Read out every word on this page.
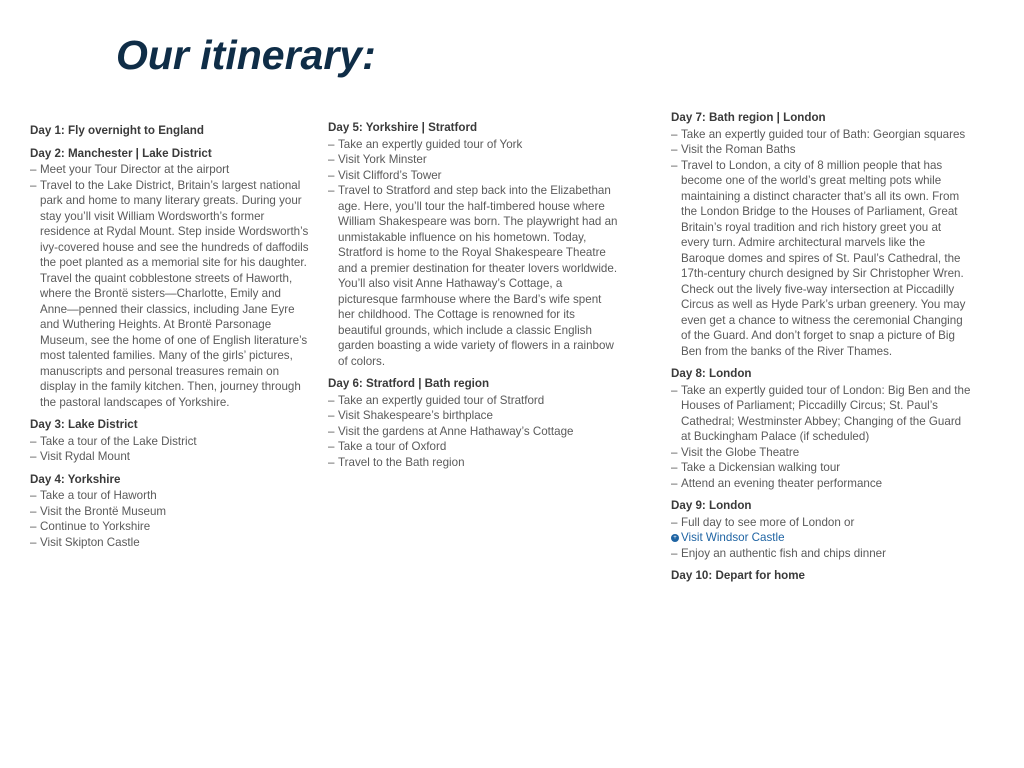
Our itinerary:
Day 1: Fly overnight to England
Day 2: Manchester | Lake District
– Meet your Tour Director at the airport
– Travel to the Lake District, Britain’s largest national park and home to many literary greats. During your stay you’ll visit William Wordsworth’s former residence at Rydal Mount. Step inside Wordsworth’s ivy-covered house and see the hundreds of daffodils the poet planted as a memorial site for his daughter. Travel the quaint cobblestone streets of Haworth, where the Brontë sisters—Charlotte, Emily and Anne—penned their classics, including Jane Eyre and Wuthering Heights. At Brontë Parsonage Museum, see the home of one of English literature’s most talented families. Many of the girls’ pictures, manuscripts and personal treasures remain on display in the family kitchen. Then, journey through the pastoral landscapes of Yorkshire.
Day 3: Lake District
– Take a tour of the Lake District
– Visit Rydal Mount
Day 4: Yorkshire
– Take a tour of Haworth
– Visit the Brontë Museum
– Continue to Yorkshire
– Visit Skipton Castle
Day 5: Yorkshire | Stratford
– Take an expertly guided tour of York
– Visit York Minster
– Visit Clifford’s Tower
– Travel to Stratford and step back into the Elizabethan age. Here, you’ll tour the half-timbered house where William Shakespeare was born. The playwright had an unmistakable influence on his hometown. Today, Stratford is home to the Royal Shakespeare Theatre and a premier destination for theater lovers worldwide. You’ll also visit Anne Hathaway’s Cottage, a picturesque farmhouse where the Bard’s wife spent her childhood. The Cottage is renowned for its beautiful grounds, which include a classic English garden boasting a wide variety of flowers in a rainbow of colors.
Day 6: Stratford | Bath region
– Take an expertly guided tour of Stratford
– Visit Shakespeare’s birthplace
– Visit the gardens at Anne Hathaway’s Cottage
– Take a tour of Oxford
– Travel to the Bath region
Day 7: Bath region | London
– Take an expertly guided tour of Bath: Georgian squares
– Visit the Roman Baths
– Travel to London, a city of 8 million people that has become one of the world’s great melting pots while maintaining a distinct character that’s all its own. From the London Bridge to the Houses of Parliament, Great Britain’s royal tradition and rich history greet you at every turn. Admire architectural marvels like the Baroque domes and spires of St. Paul’s Cathedral, the 17th-century church designed by Sir Christopher Wren. Check out the lively five-way intersection at Piccadilly Circus as well as Hyde Park’s urban greenery. You may even get a chance to witness the ceremonial Changing of the Guard. And don’t forget to snap a picture of Big Ben from the banks of the River Thames.
Day 8: London
– Take an expertly guided tour of London: Big Ben and the Houses of Parliament; Piccadilly Circus; St. Paul’s Cathedral; Westminster Abbey; Changing of the Guard at Buckingham Palace (if scheduled)
– Visit the Globe Theatre
– Take a Dickensian walking tour
– Attend an evening theater performance
Day 9: London
– Full day to see more of London or
+ Visit Windsor Castle
– Enjoy an authentic fish and chips dinner
Day 10: Depart for home
